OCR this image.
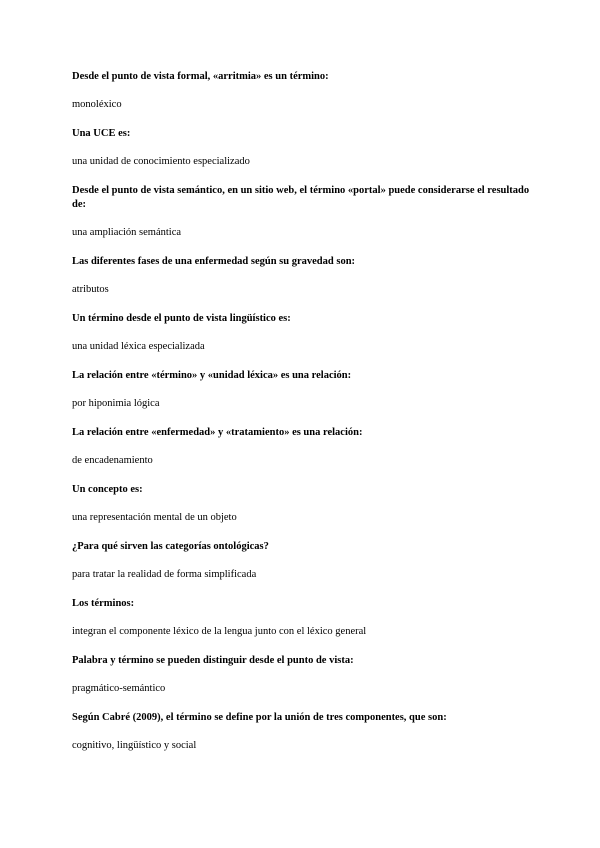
Desde el punto de vista formal, «arritmia» es un término:

monoléxico

Una UCE es:

una unidad de conocimiento especializado

Desde el punto de vista semántico, en un sitio web, el término «portal» puede considerarse el resultado de:

una ampliación semántica

Las diferentes fases de una enfermedad según su gravedad son:

atributos

Un término desde el punto de vista lingüístico es:

una unidad léxica especializada

La relación entre «término» y «unidad léxica» es una relación:

por hiponimia lógica

La relación entre «enfermedad» y «tratamiento» es una relación:

de encadenamiento

Un concepto es:

una representación mental de un objeto

¿Para qué sirven las categorías ontológicas?

para tratar la realidad de forma simplificada

Los términos:

integran el componente léxico de la lengua junto con el léxico general

Palabra y término se pueden distinguir desde el punto de vista:

pragmático-semántico

Según Cabré (2009), el término se define por la unión de tres componentes, que son:

cognitivo, lingüístico y social
